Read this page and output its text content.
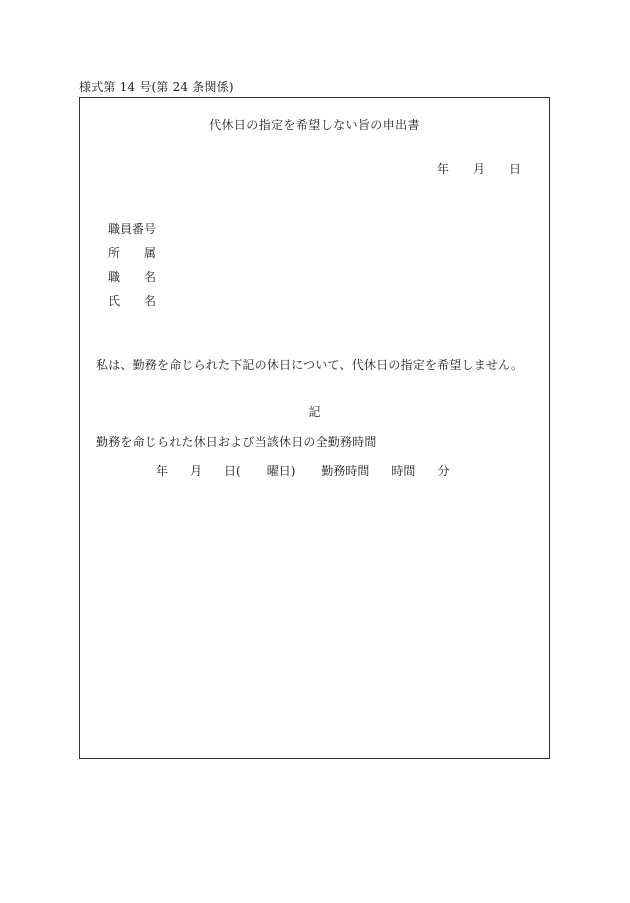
様式第 14 号(第 24 条関係)
代休日の指定を希望しない旨の申出書
年 月 日
職員番号
所 属
職 名
氏 名
私は、勤務を命じられた下記の休日について、代休日の指定を希望しません。
記
勤務を命じられた休日および当該休日の全勤務時間
年 月 日( 曜日) 勤務時間 時間 分
